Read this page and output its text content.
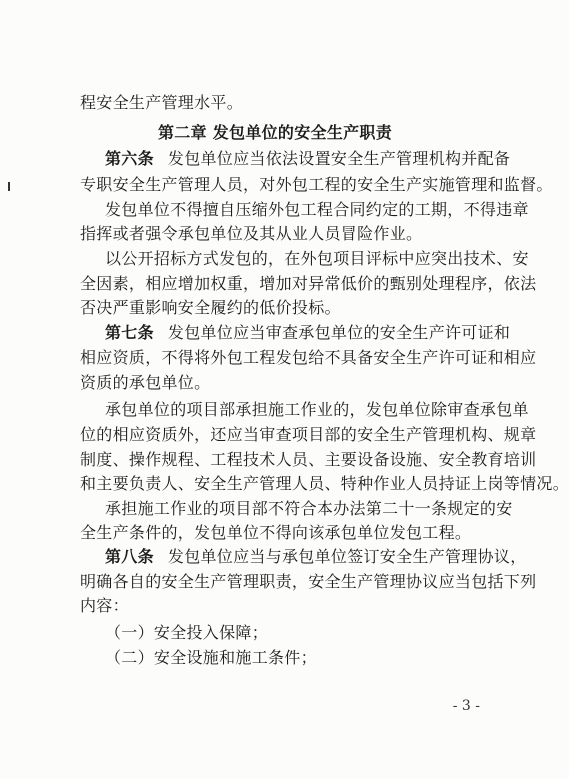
程安全生产管理水平。
第二章 发包单位的安全生产职责
第六条 发包单位应当依法设置安全生产管理机构并配备
专职安全生产管理人员，对外包工程的安全生产实施管理和监督。
发包单位不得擅自压缩外包工程合同约定的工期，不得违章
指挥或者强令承包单位及其从业人员冒险作业。
以公开招标方式发包的，在外包项目评标中应突出技术、安
全因素，相应增加权重，增加对异常低价的甄别处理程序，依法
否决严重影响安全履约的低价投标。
第七条 发包单位应当审查承包单位的安全生产许可证和
相应资质，不得将外包工程发包给不具备安全生产许可证和相应
资质的承包单位。
承包单位的项目部承担施工作业的，发包单位除审查承包单
位的相应资质外，还应当审查项目部的安全生产管理机构、规章
制度、操作规程、工程技术人员、主要设备设施、安全教育培训
和主要负责人、安全生产管理人员、特种作业人员持证上岗等情况。
承担施工作业的项目部不符合本办法第二十一条规定的安
全生产条件的，发包单位不得向该承包单位发包工程。
第八条 发包单位应当与承包单位签订安全生产管理协议，
明确各自的安全生产管理职责，安全生产管理协议应当包括下列
内容：
（一）安全投入保障；
（二）安全设施和施工条件；
- 3 -
